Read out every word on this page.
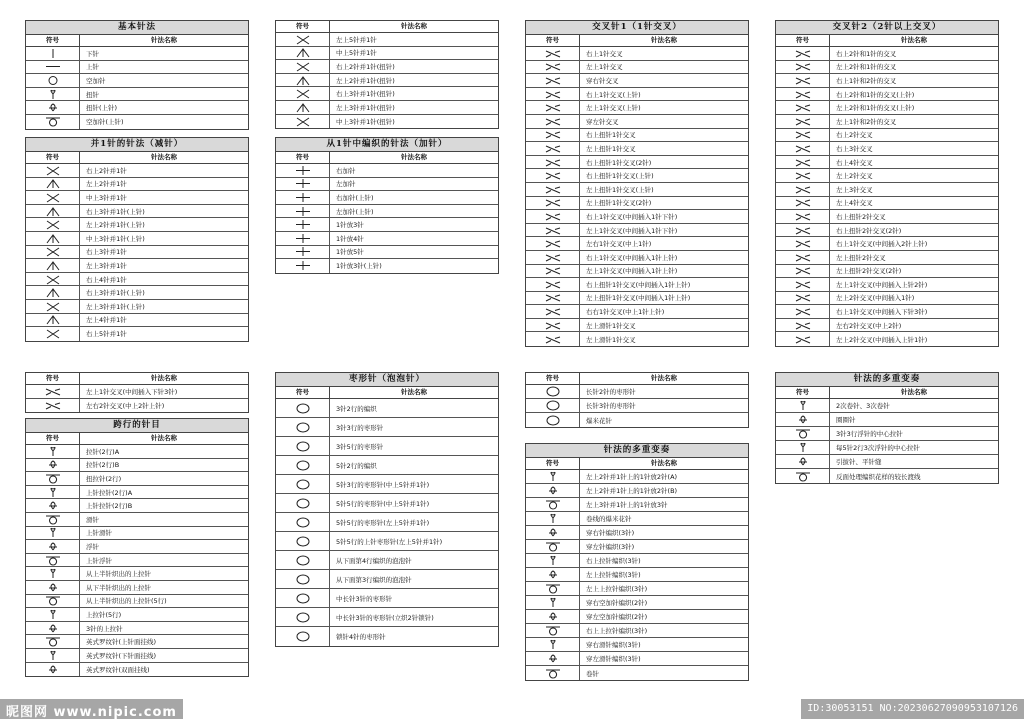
基本针法
符号	针法名称
下针
上针
空加针
扭针
扭针(上针)
空加针(上针)
并1针的针法（减针）
符号	针法名称
右上2针并1针
左上2针并1针
中上3针并1针
右上3针并1针(上针)
左上2针并1针(上针)
中上3针并1针(上针)
右上3针并1针
左上3针并1针
右上4针并1针
右上3针并1针(上针)
左上3针并1针(上针)
左上4针并1针
右上5针并1针
符号	针法名称
左上5针并1针
中上5针并1针
右上2针并1针(扭针)
左上2针并1针(扭针)
右上3针并1针(扭针)
左上3针并1针(扭针)
中上3针并1针(扭针)
从1针中编织的针法（加针）
符号	针法名称
右加针
左加针
右加针(上针)
左加针(上针)
1针放3针
1针放4针
1针放5针
1针放3针(上针)
交叉针1（1针交叉）
符号	针法名称
右上1针交叉
左上1针交叉
穿右针交叉
右上1针交叉(上针)
左上1针交叉(上针)
穿左针交叉
右上扭针1针交叉
左上扭针1针交叉
右上扭针1针交叉(2针)
右上扭针1针交叉(上针)
左上扭针1针交叉(上针)
左上扭针1针交叉(2针)
右上1针交叉(中间插入1针下针)
左上1针交叉(中间插入1针下针)
左右1针交叉(中上1针)
右上1针交叉(中间插入1针上针)
左上1针交叉(中间插入1针上针)
右上扭针1针交叉(中间插入1针上针)
左上扭针1针交叉(中间插入1针上针)
右右1针交叉(中上1针上针)
左上滑针1针交叉
左上滑针1针交叉
交叉针2（2针以上交叉）
符号	针法名称
右上2针和1针的交叉
左上2针和1针的交叉
右上1针和2针的交叉
右上2针和1针的交叉(上针)
左上2针和1针的交叉(上针)
左上1针和2针的交叉
右上2针交叉
右上3针交叉
右上4针交叉
左上2针交叉
左上3针交叉
左上4针交叉
右上扭针2针交叉
右上扭针2针交叉(2针)
右上1针交叉(中间插入2针上针)
左上扭针2针交叉
左上扭针2针交叉(2针)
左上1针交叉(中间插入上针2针)
左上2针交叉(中间插入1针)
右上1针交叉(中间插入下针3针)
左右2针交叉(中上2针)
左上2针交叉(中间插入上针1针)
符号	针法名称
左上1针交叉(中间插入下针3针)
左右2针交叉(中上2针上针)
跨行的针目
符号	针法名称
拉针(2行)A
拉针(2行)B
扭拉针(2行)
上针拉针(2行)A
上针拉针(2行)B
滑针
上针滑针
浮针
上针浮针
从上半针织出的上拉针
从下半针织出的上拉针
从上半针织出的上拉针(5行)
上拉针(5行)
3针的上拉针
英式罗纹针(上针面挂线)
英式罗纹针(下针面挂线)
英式罗纹针(双面挂线)
枣形针（泡泡针）
符号	针法名称
3针2行的编织
3针3行的枣形针
3针5行的枣形针
5针2行的编织
5针3行的枣形针(中上5针并1针)
5针5行的枣形针(中上5针并1针)
5针5行的枣形针(左上5针并1针)
5针5行的上针枣形针(左上5针并1针)
从下面第4行编织的泡泡针
从下面第3行编织的泡泡针
中长针3针的枣形针
中长针3针的枣形针(立织2针锁针)
锁针4针的枣形针
符号	针法名称
长针2针的枣形针
长针3针的枣形针
爆米花针
针法的多重变奏
符号	针法名称
左上2针并1针上的1针放2针(A)
左上2针并1针上的1针放2针(B)
左上3针并1针上的1针放3针
卷线的爆米花针
穿右针编织(3针)
穿左针编织(3针)
右上拉针编织(3针)
左上拉针编织(3针)
左上上拉针编织(3针)
穿右空加针编织(2针)
穿左空加针编织(2针)
右上上拉针编织(3针)
穿右滑针编织(3针)
穿左滑针编织(3针)
卷针
针法的多重变奏
符号	针法名称
2次卷针、3次卷针
圈圈针
3针3行浮针的中心拉针
每5针2行3次浮针的中心拉针
引拔针、平针缝
反面处理编织花样的较长渡线
昵图网 www.nipic.com	ID:30053151 NO:20230627090953107126
